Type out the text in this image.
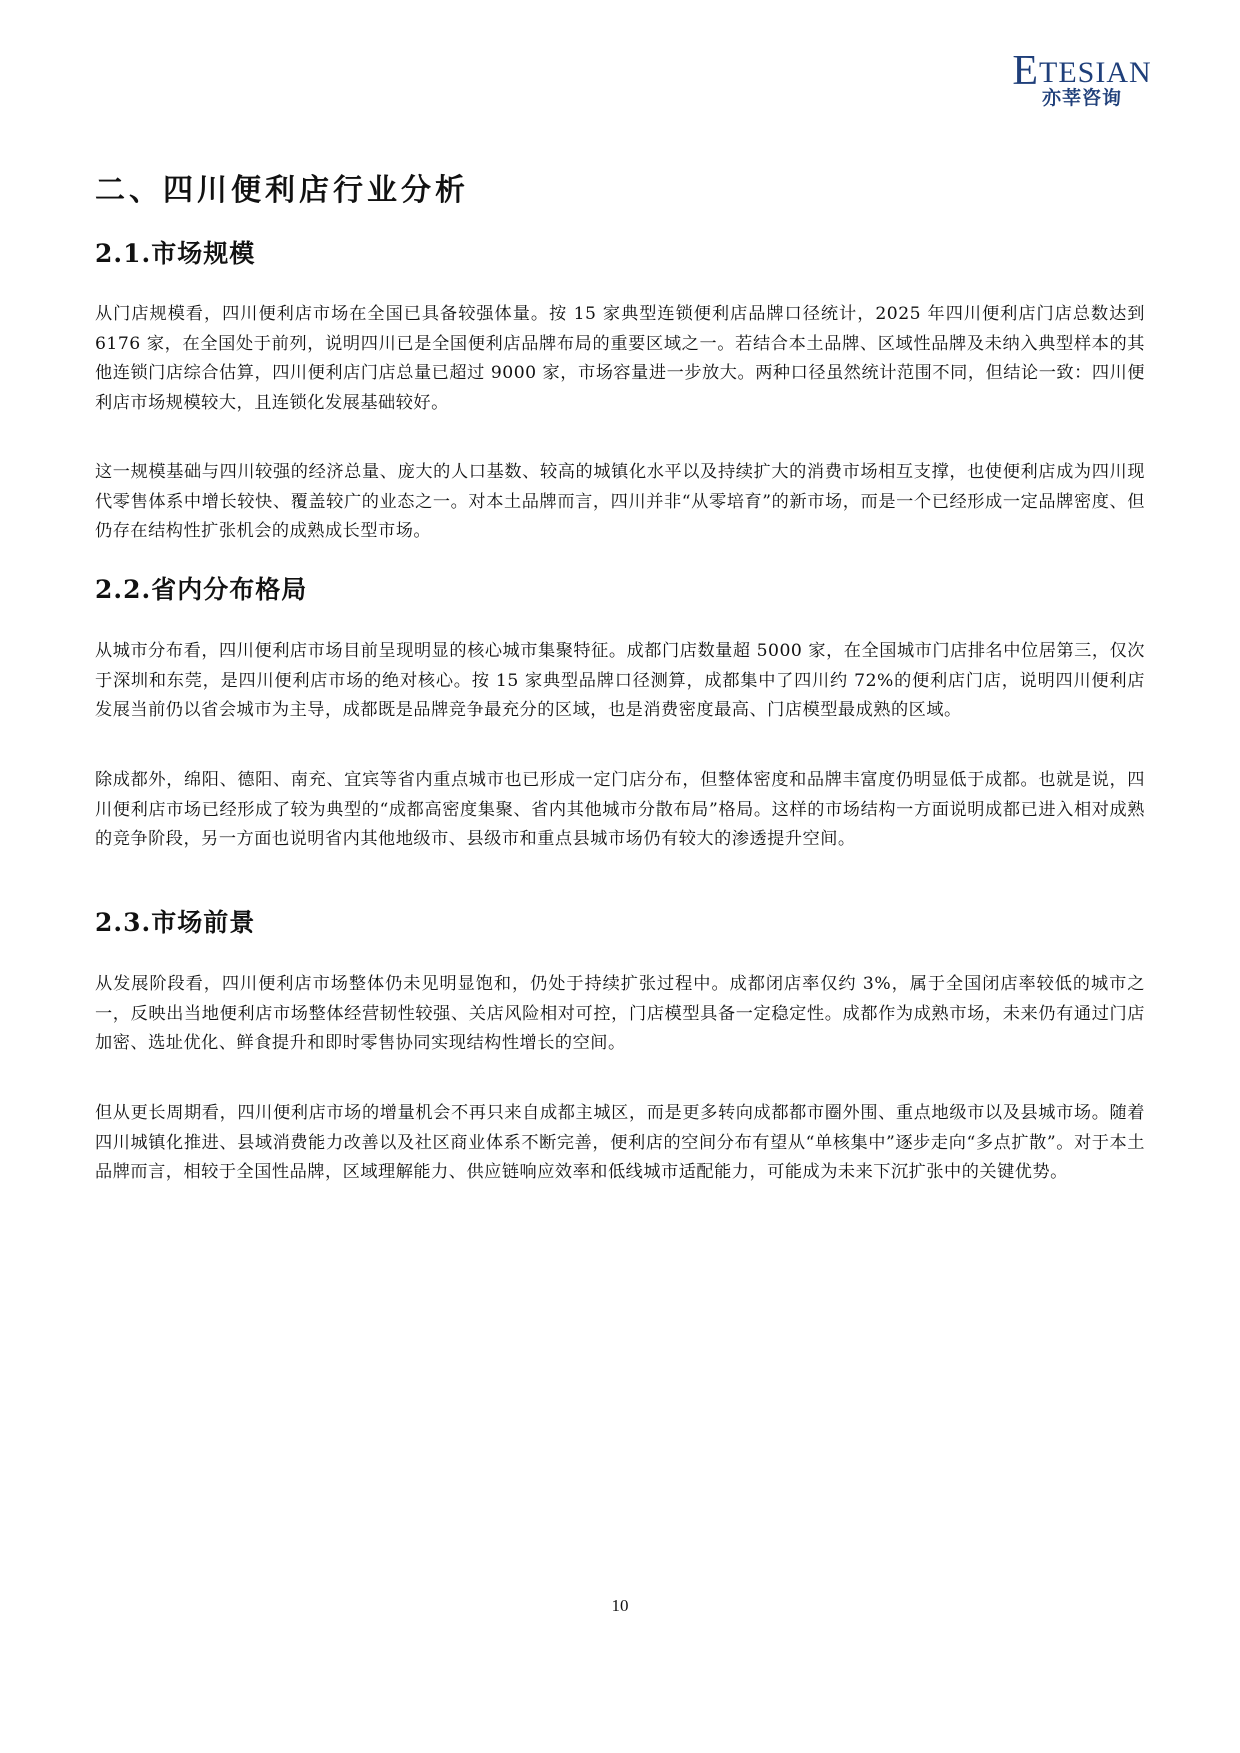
ETESIAN
亦莘咨询
二、四川便利店行业分析
2.1.市场规模
从门店规模看，四川便利店市场在全国已具备较强体量。按 15 家典型连锁便利店品牌口径统计，2025 年四川便利店门店总数达到 6176 家，在全国处于前列，说明四川已是全国便利店品牌布局的重要区域之一。若结合本土品牌、区域性品牌及未纳入典型样本的其他连锁门店综合估算，四川便利店门店总量已超过 9000 家，市场容量进一步放大。两种口径虽然统计范围不同，但结论一致：四川便利店市场规模较大，且连锁化发展基础较好。
这一规模基础与四川较强的经济总量、庞大的人口基数、较高的城镇化水平以及持续扩大的消费市场相互支撑，也使便利店成为四川现代零售体系中增长较快、覆盖较广的业态之一。对本土品牌而言，四川并非“从零培育”的新市场，而是一个已经形成一定品牌密度、但仍存在结构性扩张机会的成熟成长型市场。
2.2.省内分布格局
从城市分布看，四川便利店市场目前呈现明显的核心城市集聚特征。成都门店数量超 5000 家，在全国城市门店排名中位居第三，仅次于深圳和东莞，是四川便利店市场的绝对核心。按 15 家典型品牌口径测算，成都集中了四川约 72%的便利店门店，说明四川便利店发展当前仍以省会城市为主导，成都既是品牌竞争最充分的区域，也是消费密度最高、门店模型最成熟的区域。
除成都外，绵阳、德阳、南充、宜宾等省内重点城市也已形成一定门店分布，但整体密度和品牌丰富度仍明显低于成都。也就是说，四川便利店市场已经形成了较为典型的“成都高密度集聚、省内其他城市分散布局”格局。这样的市场结构一方面说明成都已进入相对成熟的竞争阶段，另一方面也说明省内其他地级市、县级市和重点县城市场仍有较大的渗透提升空间。
2.3.市场前景
从发展阶段看，四川便利店市场整体仍未见明显饱和，仍处于持续扩张过程中。成都闭店率仅约 3%，属于全国闭店率较低的城市之一，反映出当地便利店市场整体经营韧性较强、关店风险相对可控，门店模型具备一定稳定性。成都作为成熟市场，未来仍有通过门店加密、选址优化、鲜食提升和即时零售协同实现结构性增长的空间。
但从更长周期看，四川便利店市场的增量机会不再只来自成都主城区，而是更多转向成都都市圈外围、重点地级市以及县城市场。随着四川城镇化推进、县域消费能力改善以及社区商业体系不断完善，便利店的空间分布有望从“单核集中”逐步走向“多点扩散”。对于本土品牌而言，相较于全国性品牌，区域理解能力、供应链响应效率和低线城市适配能力，可能成为未来下沉扩张中的关键优势。
10
